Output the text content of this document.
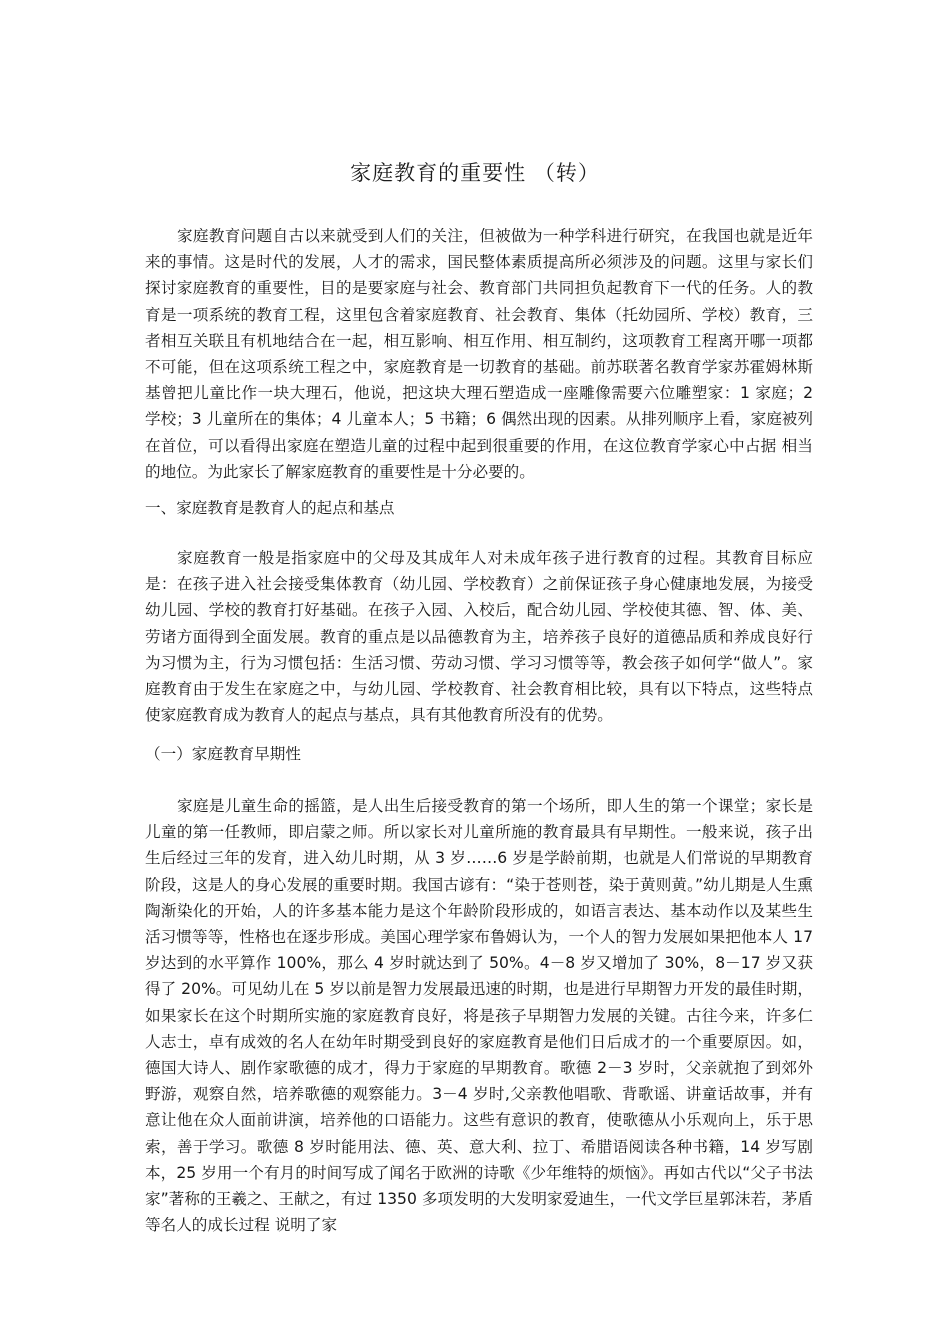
家庭教育的重要性 （转）

家庭教育问题自古以来就受到人们的关注，但被做为一种学科进行研究，在我国也就是近年来的事情。这是时代的发展，人才的需求，国民整体素质提高所必须涉及的问题。这里与家长们探讨家庭教育的重要性，目的是要家庭与社会、教育部门共同担负起教育下一代的任务。人的教育是一项系统的教育工程，这里包含着家庭教育、社会教育、集体（托幼园所、学校）教育，三者相互关联且有机地结合在一起，相互影响、相互作用、相互制约，这项教育工程离开哪一项都不可能，但在这项系统工程之中，家庭教育是一切教育的基础。前苏联著名教育学家苏霍姆林斯基曾把儿童比作一块大理石，他说，把这块大理石塑造成一座雕像需要六位雕塑家：1 家庭；2 学校；3 儿童所在的集体；4 儿童本人；5 书籍；6 偶然出现的因素。从排列顺序上看，家庭被列在首位，可以看得出家庭在塑造儿童的过程中起到很重要的作用，在这位教育学家心中占据 相当的地位。为此家长了解家庭教育的重要性是十分必要的。

一、家庭教育是教育人的起点和基点

家庭教育一般是指家庭中的父母及其成年人对未成年孩子进行教育的过程。其教育目标应是：在孩子进入社会接受集体教育（幼儿园、学校教育）之前保证孩子身心健康地发展，为接受幼儿园、学校的教育打好基础。在孩子入园、入校后，配合幼儿园、学校使其德、智、体、美、劳诸方面得到全面发展。教育的重点是以品德教育为主，培养孩子良好的道德品质和养成良好行为习惯为主，行为习惯包括：生活习惯、劳动习惯、学习习惯等等，教会孩子如何学“做人”。家庭教育由于发生在家庭之中，与幼儿园、学校教育、社会教育相比较，具有以下特点，这些特点使家庭教育成为教育人的起点与基点，具有其他教育所没有的优势。

（一）家庭教育早期性

家庭是儿童生命的摇篮，是人出生后接受教育的第一个场所，即人生的第一个课堂；家长是儿童的第一任教师，即启蒙之师。所以家长对儿童所施的教育最具有早期性。一般来说，孩子出生后经过三年的发育，进入幼儿时期，从 3 岁……6 岁是学龄前期，也就是人们常说的早期教育阶段，这是人的身心发展的重要时期。我国古谚有：“染于苍则苍，染于黄则黄。”幼儿期是人生熏陶渐染化的开始，人的许多基本能力是这个年龄阶段形成的，如语言表达、基本动作以及某些生活习惯等等，性格也在逐步形成。美国心理学家布鲁姆认为，一个人的智力发展如果把他本人 17 岁达到的水平算作 100%，那么 4 岁时就达到了 50%。4－8 岁又增加了 30%，8－17 岁又获得了 20%。可见幼儿在 5 岁以前是智力发展最迅速的时期，也是进行早期智力开发的最佳时期，如果家长在这个时期所实施的家庭教育良好，将是孩子早期智力发展的关键。古往今来，许多仁人志士，卓有成效的名人在幼年时期受到良好的家庭教育是他们日后成才的一个重要原因。如，德国大诗人、剧作家歌德的成才，得力于家庭的早期教育。歌德 2－3 岁时，父亲就抱了到郊外野游，观察自然，培养歌德的观察能力。3－4 岁时,父亲教他唱歌、背歌谣、讲童话故事，并有意让他在众人面前讲演，培养他的口语能力。这些有意识的教育，使歌德从小乐观向上，乐于思索，善于学习。歌德 8 岁时能用法、德、英、意大利、拉丁、希腊语阅读各种书籍，14 岁写剧本，25 岁用一个有月的时间写成了闻名于欧洲的诗歌《少年维特的烦恼》。再如古代以“父子书法家”著称的王羲之、王献之，有过 1350 多项发明的大发明家爱迪生，一代文学巨星郭沫若，茅盾等名人的成长过程 说明了家
